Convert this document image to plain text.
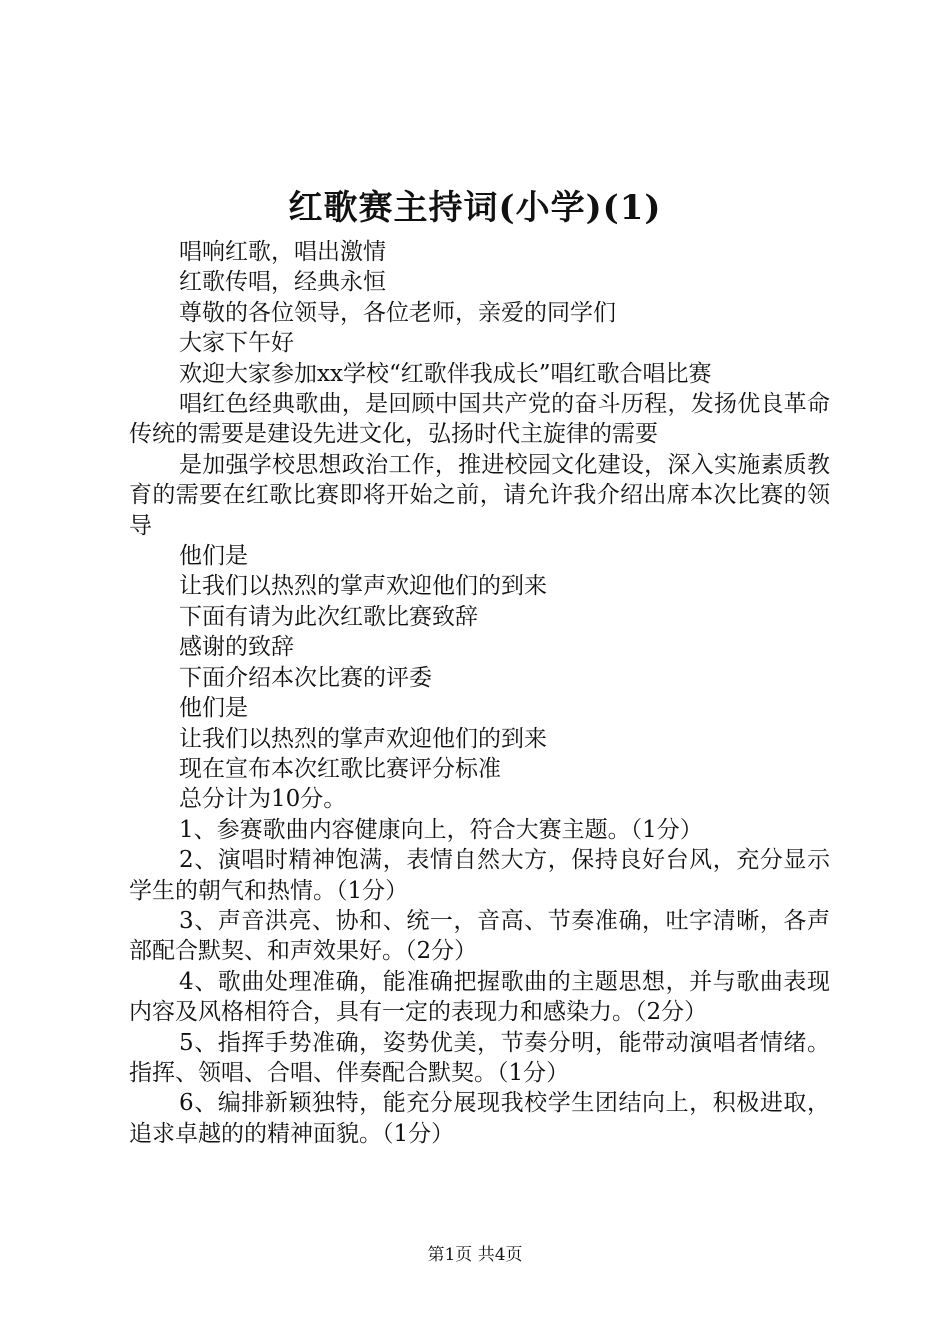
红歌赛主持词(小学)(1)

唱响红歌，唱出激情

红歌传唱，经典永恒

尊敬的各位领导，各位老师，亲爱的同学们

大家下午好

欢迎大家参加xx学校“红歌伴我成长”唱红歌合唱比赛

唱红色经典歌曲，是回顾中国共产党的奋斗历程，发扬优良革命传统的需要是建设先进文化，弘扬时代主旋律的需要

是加强学校思想政治工作，推进校园文化建设，深入实施素质教育的需要在红歌比赛即将开始之前，请允许我介绍出席本次比赛的领导

他们是

让我们以热烈的掌声欢迎他们的到来

下面有请为此次红歌比赛致辞

感谢的致辞

下面介绍本次比赛的评委

他们是

让我们以热烈的掌声欢迎他们的到来

现在宣布本次红歌比赛评分标准

总分计为10分。

1、参赛歌曲内容健康向上，符合大赛主题。（1分）

2、演唱时精神饱满，表情自然大方，保持良好台风，充分显示学生的朝气和热情。（1分）

3、声音洪亮、协和、统一，音高、节奏准确，吐字清晰，各声部配合默契、和声效果好。（2分）

4、歌曲处理准确，能准确把握歌曲的主题思想，并与歌曲表现内容及风格相符合，具有一定的表现力和感染力。（2分）

5、指挥手势准确，姿势优美，节奏分明，能带动演唱者情绪。指挥、领唱、合唱、伴奏配合默契。（1分）

6、编排新颖独特，能充分展现我校学生团结向上，积极进取，追求卓越的的精神面貌。（1分）

第1页 共4页
